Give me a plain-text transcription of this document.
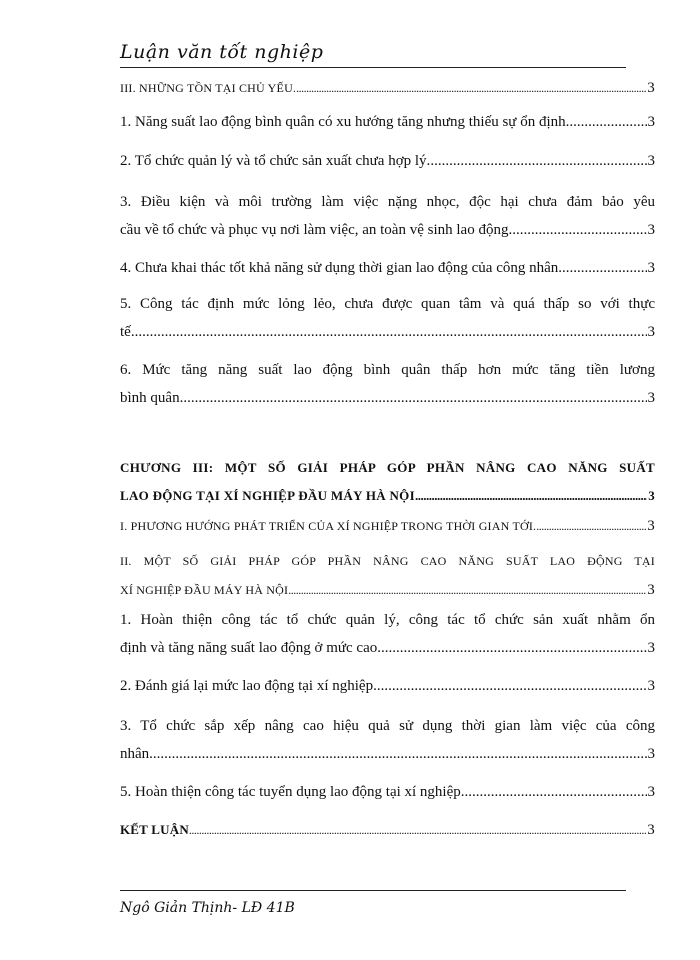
Luận văn tốt nghiệp
III. NHỮNG TỒN TẠI CHỦ YẾU. .....	3
1. Năng suất lao động bình quân có xu hướng tăng nhưng thiếu sự ổn định. .....	3
2. Tổ chức quản lý và tổ chức sản xuất chưa hợp lý. .....	3
3. Điều kiện và môi trường làm việc nặng nhọc, độc hại chưa đảm bảo yêu
cầu về tổ chức và phục vụ nơi làm việc, an toàn vệ sinh lao động. .....	3
4. Chưa khai thác tốt khả năng sử dụng thời gian lao động của công nhân. .....	3
5. Công tác định mức lỏng lẻo, chưa được quan tâm và quá thấp so với thực
tế. .....	3
6. Mức tăng năng suất lao động bình quân thấp hơn mức tăng tiền lương
bình quân. .....	3
CHƯƠNG III: MỘT SỐ GIẢI PHÁP GÓP PHẦN NÂNG CAO NĂNG SUẤT
LAO ĐỘNG TẠI XÍ NGHIỆP ĐẦU MÁY HÀ NỘI .....	3
I. PHƯƠNG HƯỚNG PHÁT TRIỂN CỦA XÍ NGHIỆP TRONG THỜI GIAN TỚI. .....	3
II. MỘT SỐ GIẢI PHÁP GÓP PHẦN NÂNG CAO NĂNG SUẤT LAO ĐỘNG TẠI
XÍ NGHIỆP ĐẦU MÁY HÀ NỘI .....	3
1. Hoàn thiện công tác tổ chức quản lý, công tác tổ chức sản xuất nhằm ổn
định và tăng năng suất lao động ở mức cao. .....	3
2. Đánh giá lại mức lao động tại xí nghiệp. .....	3
3. Tổ chức sắp xếp nâng cao hiệu quả sử dụng thời gian làm việc của công
nhân. .....	3
5. Hoàn thiện công tác tuyển dụng lao động tại xí nghiệp. .....	3
KẾT LUẬN .....	3
Ngô Giản Thịnh- LĐ 41B
